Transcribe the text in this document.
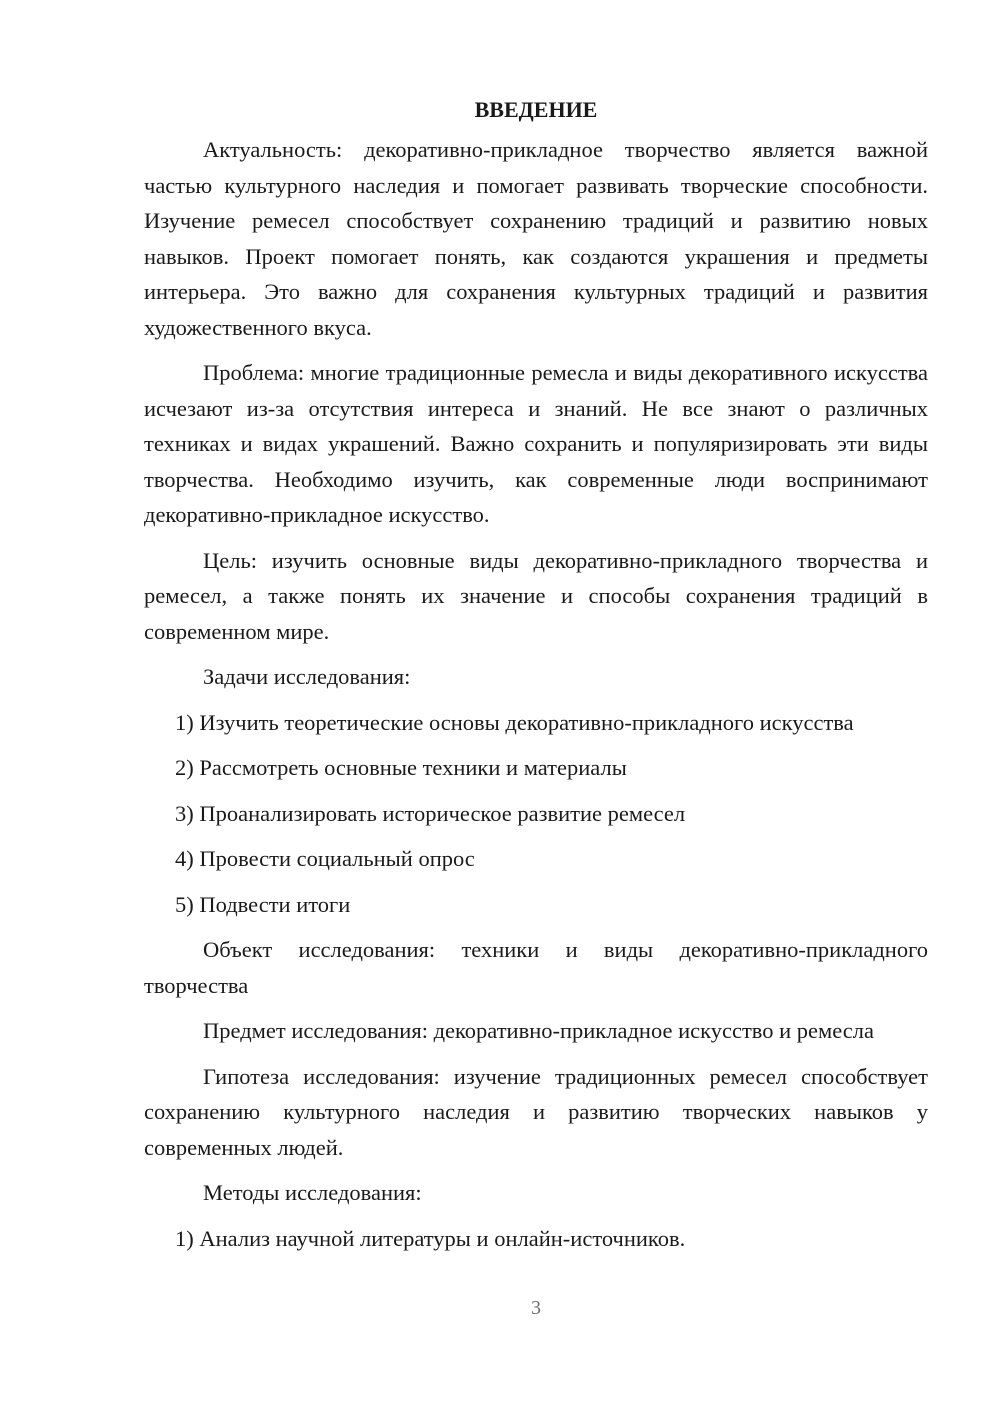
ВВЕДЕНИЕ

Актуальность: декоративно-прикладное творчество является важной частью культурного наследия и помогает развивать творческие способности. Изучение ремесел способствует сохранению традиций и развитию новых навыков. Проект помогает понять, как создаются украшения и предметы интерьера. Это важно для сохранения культурных традиций и развития художественного вкуса.

Проблема: многие традиционные ремесла и виды декоративного искусства исчезают из-за отсутствия интереса и знаний. Не все знают о различных техниках и видах украшений. Важно сохранить и популяризировать эти виды творчества. Необходимо изучить, как современные люди воспринимают декоративно-прикладное искусство.

Цель: изучить основные виды декоративно-прикладного творчества и ремесел, а также понять их значение и способы сохранения традиций в современном мире.

Задачи исследования:

1) Изучить теоретические основы декоративно-прикладного искусства
2) Рассмотреть основные техники и материалы
3) Проанализировать историческое развитие ремесел
4) Провести социальный опрос
5) Подвести итоги

Объект исследования: техники и виды декоративно-прикладного творчества

Предмет исследования: декоративно-прикладное искусство и ремесла

Гипотеза исследования: изучение традиционных ремесел способствует сохранению культурного наследия и развитию творческих навыков у современных людей.

Методы исследования:

1) Анализ научной литературы и онлайн-источников.
3
